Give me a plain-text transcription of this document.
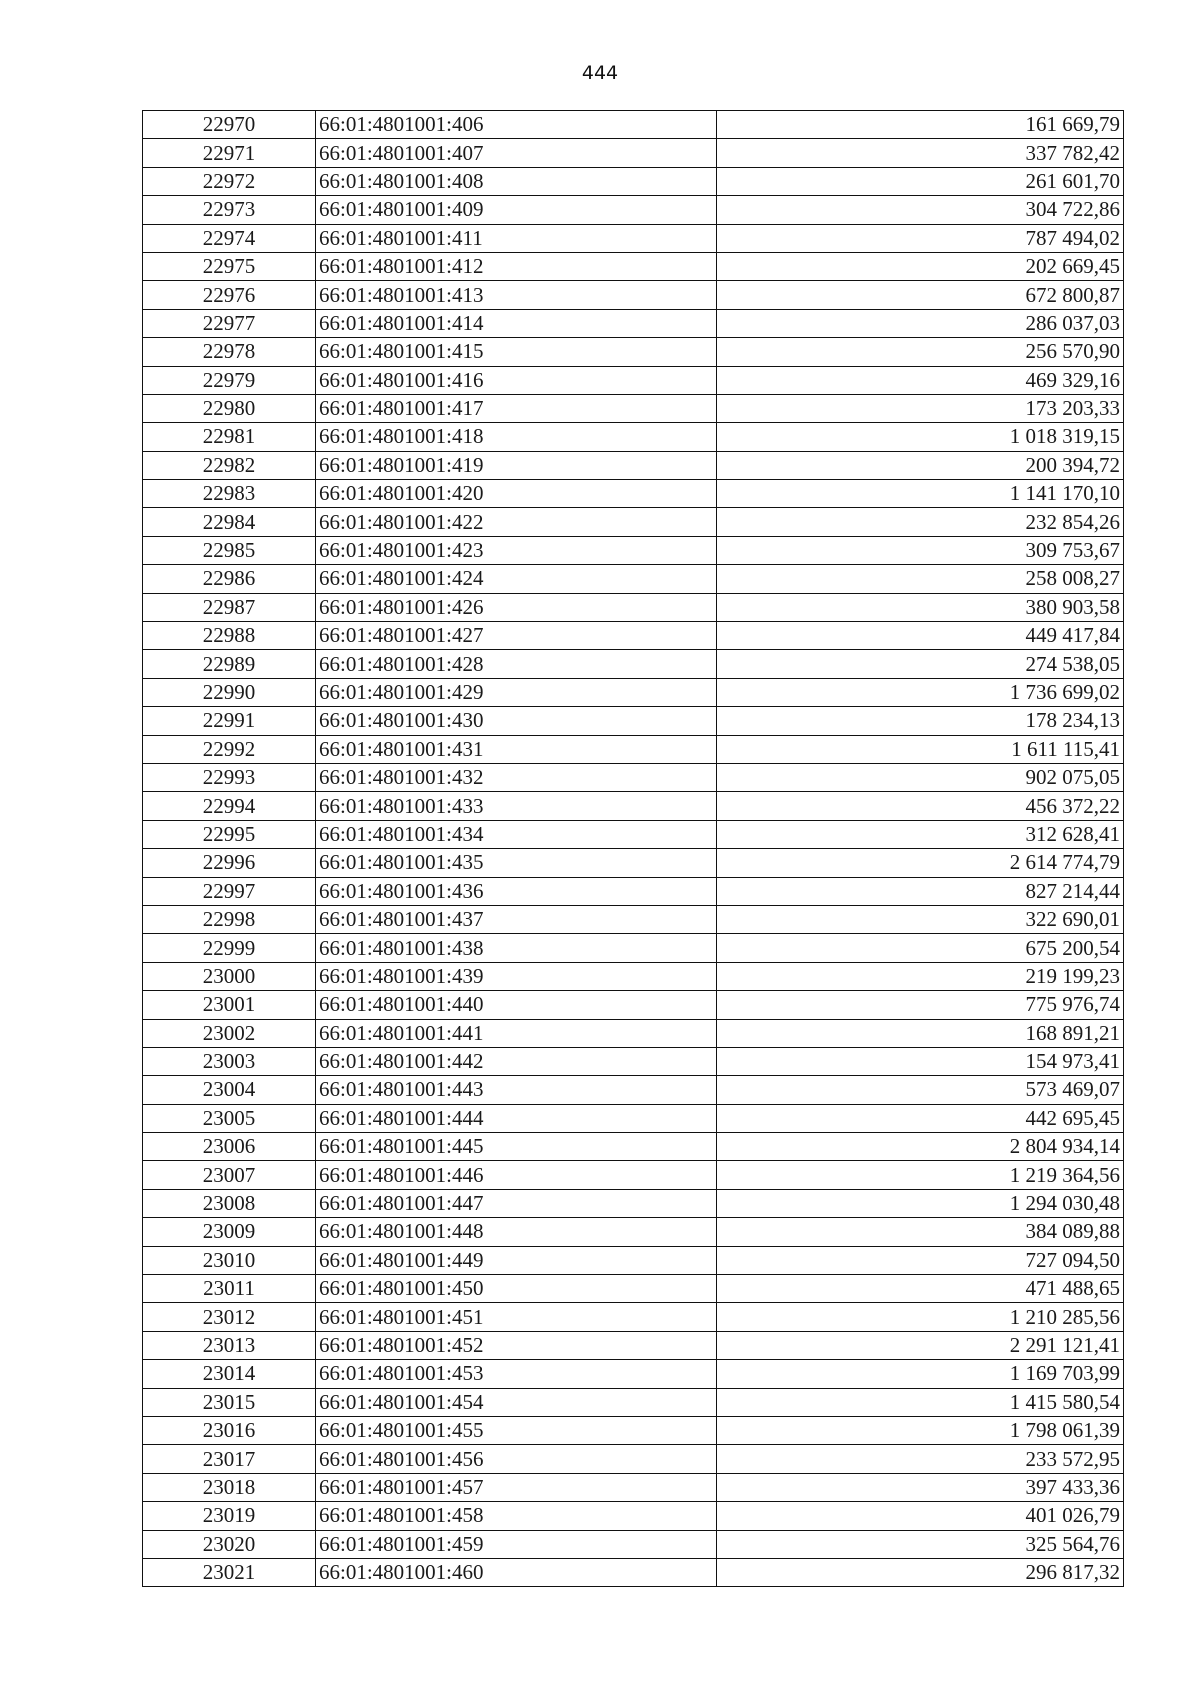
444
22970	66:01:4801001:406	161 669,79
22971	66:01:4801001:407	337 782,42
22972	66:01:4801001:408	261 601,70
22973	66:01:4801001:409	304 722,86
22974	66:01:4801001:411	787 494,02
22975	66:01:4801001:412	202 669,45
22976	66:01:4801001:413	672 800,87
22977	66:01:4801001:414	286 037,03
22978	66:01:4801001:415	256 570,90
22979	66:01:4801001:416	469 329,16
22980	66:01:4801001:417	173 203,33
22981	66:01:4801001:418	1 018 319,15
22982	66:01:4801001:419	200 394,72
22983	66:01:4801001:420	1 141 170,10
22984	66:01:4801001:422	232 854,26
22985	66:01:4801001:423	309 753,67
22986	66:01:4801001:424	258 008,27
22987	66:01:4801001:426	380 903,58
22988	66:01:4801001:427	449 417,84
22989	66:01:4801001:428	274 538,05
22990	66:01:4801001:429	1 736 699,02
22991	66:01:4801001:430	178 234,13
22992	66:01:4801001:431	1 611 115,41
22993	66:01:4801001:432	902 075,05
22994	66:01:4801001:433	456 372,22
22995	66:01:4801001:434	312 628,41
22996	66:01:4801001:435	2 614 774,79
22997	66:01:4801001:436	827 214,44
22998	66:01:4801001:437	322 690,01
22999	66:01:4801001:438	675 200,54
23000	66:01:4801001:439	219 199,23
23001	66:01:4801001:440	775 976,74
23002	66:01:4801001:441	168 891,21
23003	66:01:4801001:442	154 973,41
23004	66:01:4801001:443	573 469,07
23005	66:01:4801001:444	442 695,45
23006	66:01:4801001:445	2 804 934,14
23007	66:01:4801001:446	1 219 364,56
23008	66:01:4801001:447	1 294 030,48
23009	66:01:4801001:448	384 089,88
23010	66:01:4801001:449	727 094,50
23011	66:01:4801001:450	471 488,65
23012	66:01:4801001:451	1 210 285,56
23013	66:01:4801001:452	2 291 121,41
23014	66:01:4801001:453	1 169 703,99
23015	66:01:4801001:454	1 415 580,54
23016	66:01:4801001:455	1 798 061,39
23017	66:01:4801001:456	233 572,95
23018	66:01:4801001:457	397 433,36
23019	66:01:4801001:458	401 026,79
23020	66:01:4801001:459	325 564,76
23021	66:01:4801001:460	296 817,32
